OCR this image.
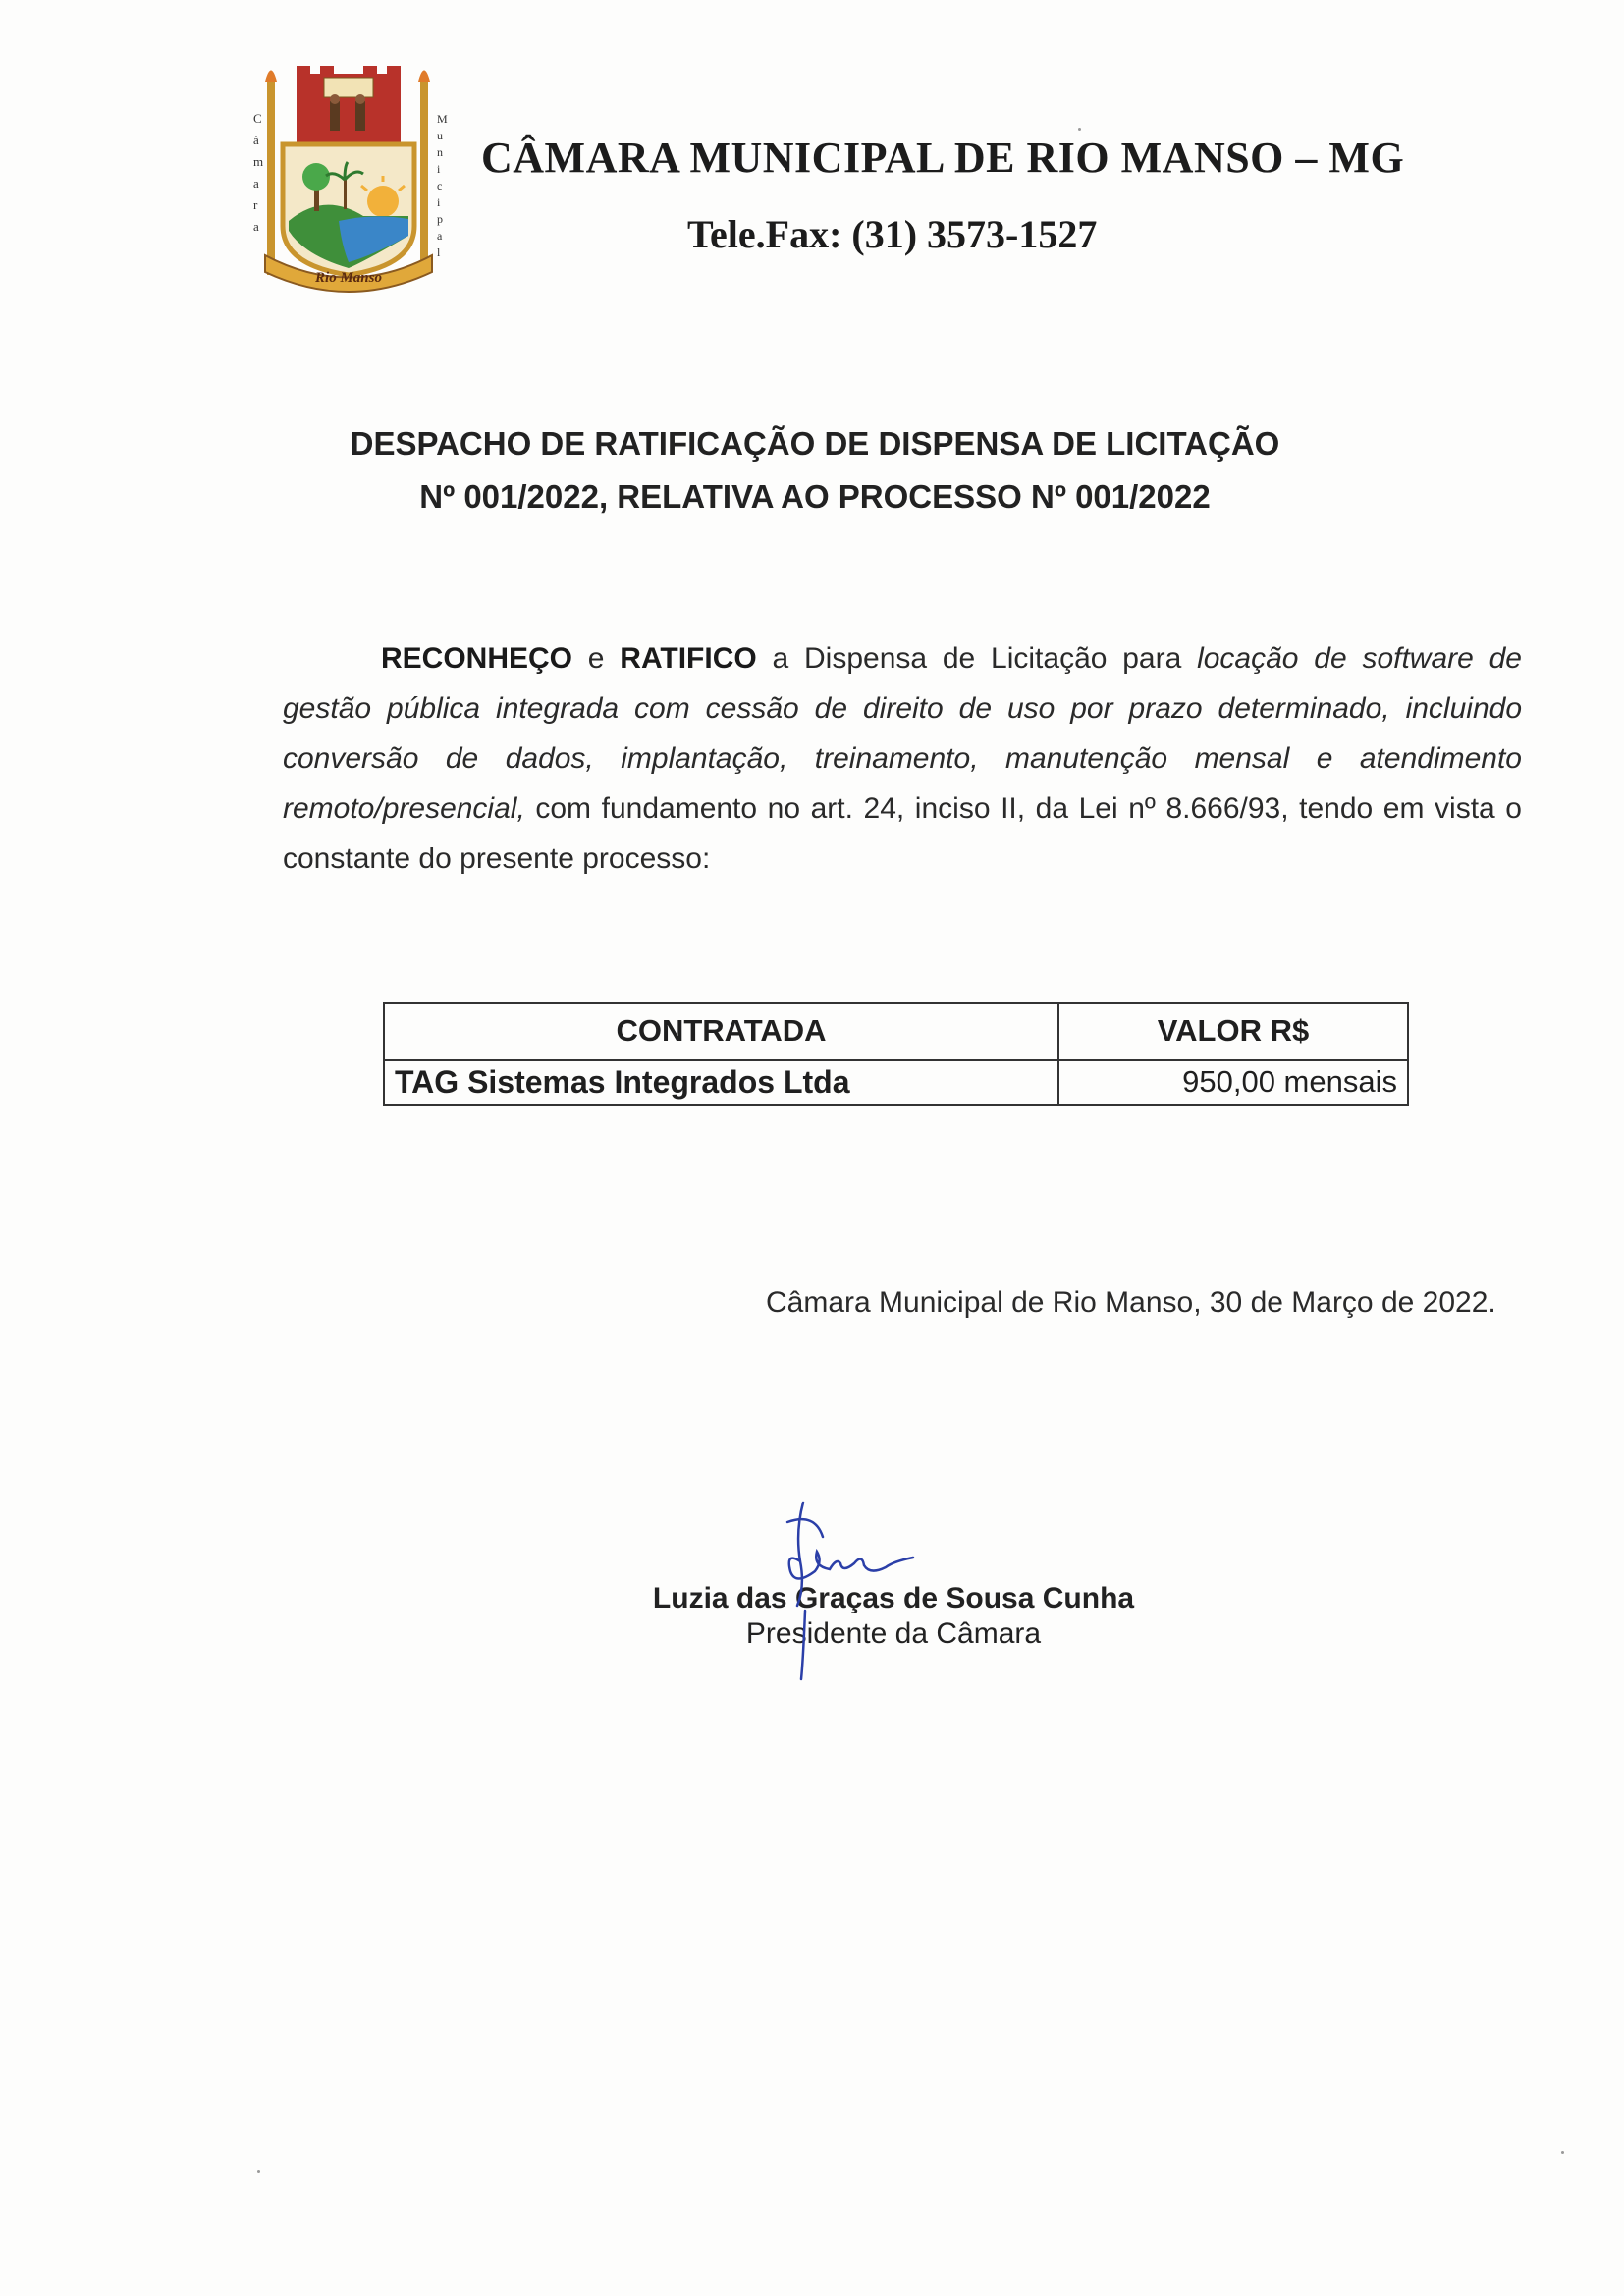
C â m a r a
M u n i c i p a l
Rio Manso
CÂMARA MUNICIPAL DE RIO MANSO – MG
Tele.Fax: (31) 3573-1527
DESPACHO DE RATIFICAÇÃO DE DISPENSA DE LICITAÇÃO
Nº 001/2022, RELATIVA AO PROCESSO Nº 001/2022
RECONHEÇO e RATIFICO a Dispensa de Licitação para locação de software de gestão pública integrada com cessão de direito de uso por prazo determinado, incluindo conversão de dados, implantação, treinamento, manutenção mensal e atendimento remoto/presencial, com fundamento no art. 24, inciso II, da Lei nº 8.666/93, tendo em vista o constante do presente processo:
CONTRATADA	VALOR R$
TAG Sistemas Integrados Ltda	950,00 mensais
Câmara Municipal de Rio Manso, 30 de Março de 2022.
Luzia das Graças de Sousa Cunha
Presidente da Câmara
